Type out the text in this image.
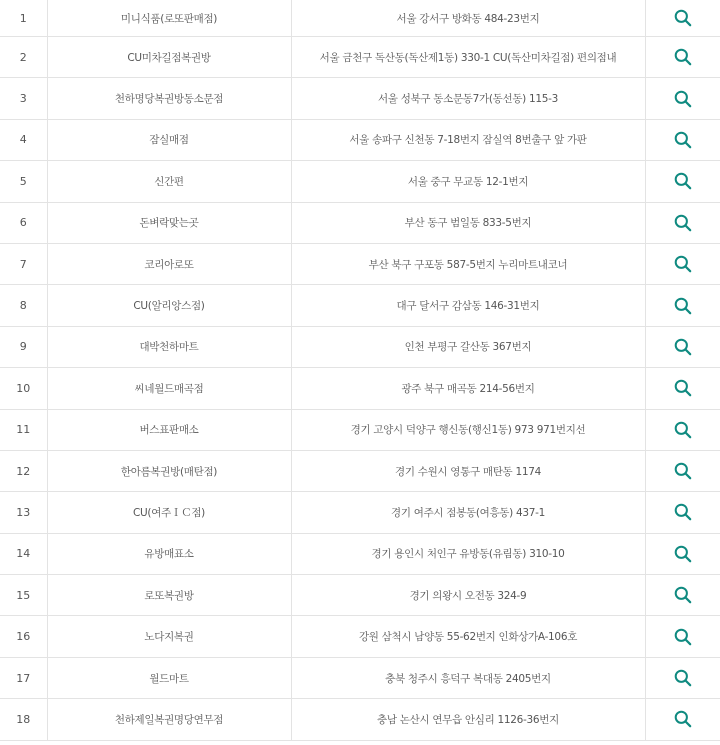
1	미니식품(로또판매점)	서울 강서구 방화동 484-23번지	

2	CU미차길점복권방	서울 금천구 독산동(독산제1동) 330-1 CU(독산미차길점) 편의점내	

3	천하명당복권방동소문점	서울 성북구 동소문동7가(동선동) 115-3	

4	잠실매점	서울 송파구 신천동 7-18번지 잠실역 8번출구 앞 가판	

5	신간편	서울 중구 무교동 12-1번지	

6	돈벼락맞는곳	부산 동구 범일동 833-5번지	

7	코리아로또	부산 북구 구포동 587-5번지 누리마트내코너	

8	CU(알리앙스점)	대구 달서구 감삼동 146-31번지	

9	대박천하마트	인천 부평구 갈산동 367번지	

10	씨네월드매곡점	광주 북구 매곡동 214-56번지	

11	버스표판매소	경기 고양시 덕양구 행신동(행신1동) 973 971번지선	

12	한아름복권방(매탄점)	경기 수원시 영통구 매탄동 1174	

13	CU(여주ＩＣ점)	경기 여주시 점봉동(여흥동) 437-1	

14	유방매표소	경기 용인시 처인구 유방동(유림동) 310-10	

15	로또복권방	경기 의왕시 오전동 324-9	

16	노다지복권	강원 삼척시 남양동 55-62번지 인화상가A-106호	

17	월드마트	충북 청주시 흥덕구 복대동 2405번지	

18	천하제일복권명당연무점	충남 논산시 연무읍 안심리 1126-36번지	
